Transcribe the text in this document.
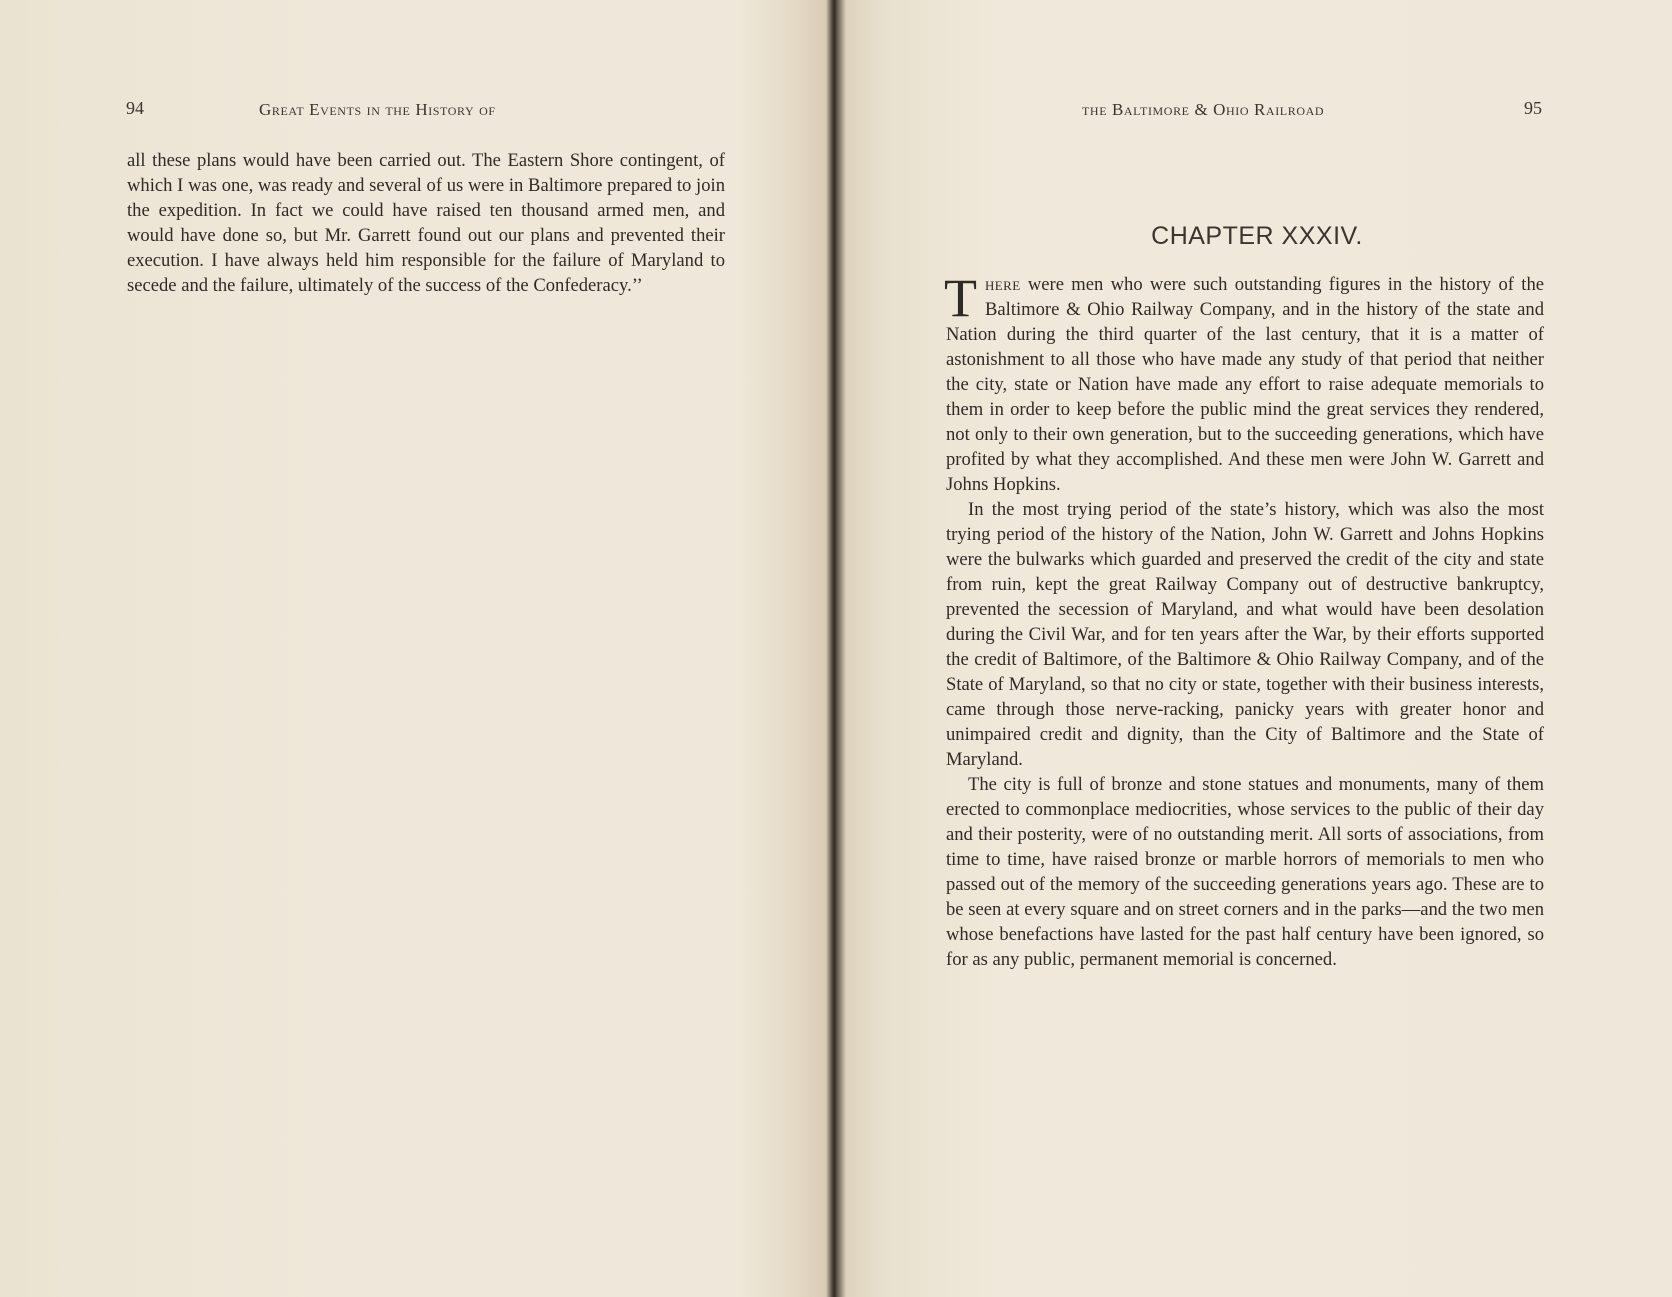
94	Great Events in the History of

all these plans would have been carried out. The Eastern Shore contingent, of which I was one, was ready and several of us were in Baltimore prepared to join the expedition. In fact we could have raised ten thousand armed men, and would have done so, but Mr. Garrett found out our plans and prevented their execution. I have always held him responsible for the failure of Maryland to secede and the failure, ultimately of the success of the Confederacy.’’

the Baltimore & Ohio Railroad	95
CHAPTER XXXIV.

There were men who were such outstanding figures in the history of the Baltimore & Ohio Railway Company, and in the history of the state and Nation during the third quarter of the last century, that it is a matter of astonishment to all those who have made any study of that period that neither the city, state or Nation have made any effort to raise adequate memorials to them in order to keep before the public mind the great services they rendered, not only to their own generation, but to the succeeding generations, which have profited by what they accomplished. And these men were John W. Garrett and Johns Hopkins.

In the most trying period of the state’s history, which was also the most trying period of the history of the Nation, John W. Garrett and Johns Hopkins were the bulwarks which guarded and preserved the credit of the city and state from ruin, kept the great Railway Company out of destructive bankruptcy, prevented the secession of Maryland, and what would have been desolation during the Civil War, and for ten years after the War, by their efforts supported the credit of Baltimore, of the Baltimore & Ohio Railway Company, and of the State of Maryland, so that no city or state, together with their business interests, came through those nerve-racking, panicky years with greater honor and unimpaired credit and dignity, than the City of Baltimore and the State of Maryland.

The city is full of bronze and stone statues and monuments, many of them erected to commonplace mediocrities, whose services to the public of their day and their posterity, were of no outstanding merit. All sorts of associations, from time to time, have raised bronze or marble horrors of memorials to men who passed out of the memory of the succeeding generations years ago. These are to be seen at every square and on street corners and in the parks—and the two men whose benefactions have lasted for the past half century have been ignored, so for as any public, permanent memorial is concerned.
